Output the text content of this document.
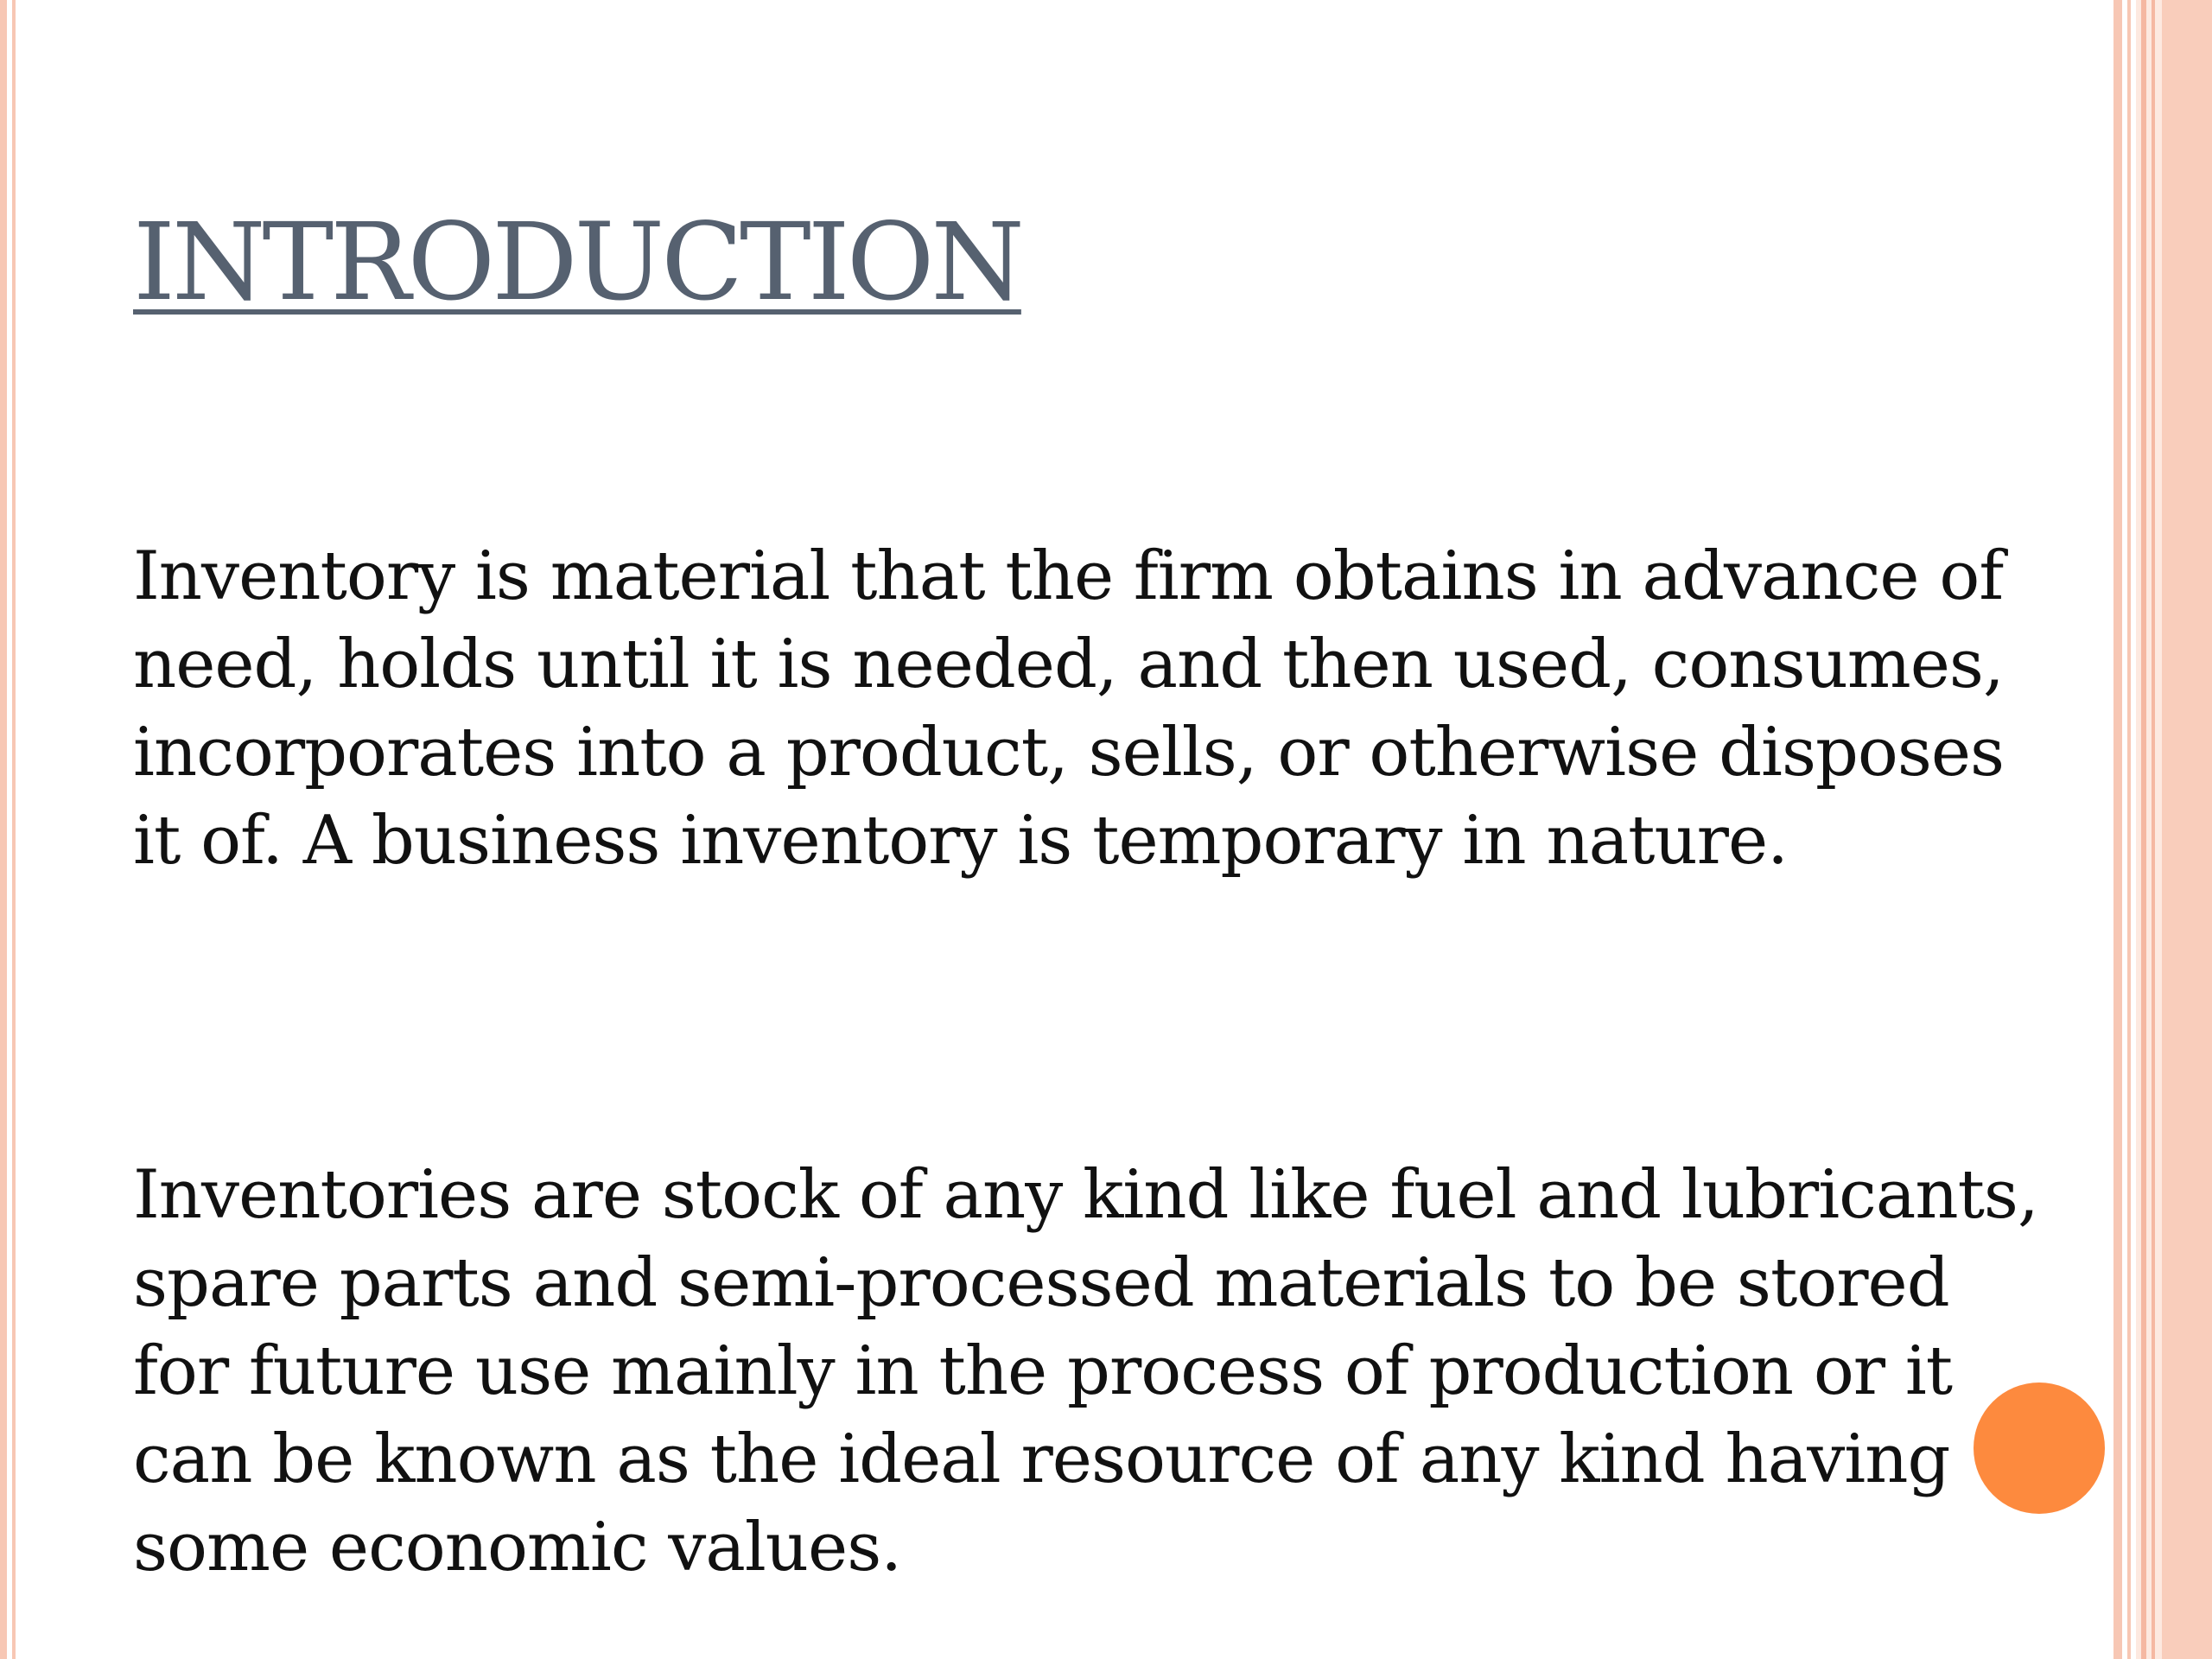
INTRODUCTION

Inventory is material that the firm obtains in advance of need, holds until it is needed, and then used, consumes, incorporates into a product, sells, or otherwise disposes it of. A business inventory is temporary in nature.

Inventories are stock of any kind like fuel and lubricants, spare parts and semi-processed materials to be stored for future use mainly in the process of production or it can be known as the ideal resource of any kind having some economic values.
